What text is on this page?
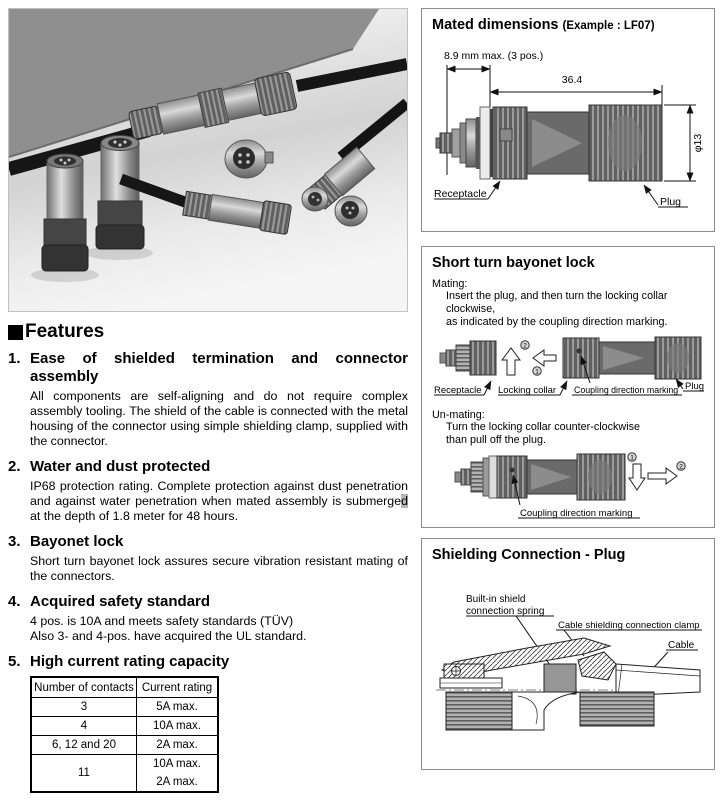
Features
1. Ease of shielded termination and connector assembly

All components are self-aligning and do not require complex assembly tooling. The shield of the cable is connected with the metal housing of the connector using simple shielding clamp, supplied with the connector.

2. Water and dust protected

IP68 protection rating. Complete protection against dust penetration and against water penetration when mated assembly is submerged at the depth of 1.8 meter for 48 hours.

3. Bayonet lock

Short turn bayonet lock assures secure vibration resistant mating of the connectors.

4. Acquired safety standard
4 pos. is 10A and meets safety standards (TÜV)
Also 3- and 4-pos. have acquired the UL standard.
5. High current rating capacity
Number of contacts	Current rating
3	5A max.
4	10A max.
6, 12 and 20	2A max.
11	10A max.
2A max.
Mated dimensions (Example : LF07)
8.9 mm max. (3 pos.)
36.4
φ13
Receptacle
Plug
Short turn bayonet lock
Mating:
Insert the plug, and then turn the locking collar clockwise,
as indicated by the coupling direction marking.
2
1
Receptacle Locking collar Coupling direction marking Plug
Un-mating:
Turn the locking collar counter-clockwise
than pull off the plug.
1
2
Coupling direction marking
Shielding Connection - Plug
Built-in shield
connection spring
Cable shielding connection clamp
Cable
